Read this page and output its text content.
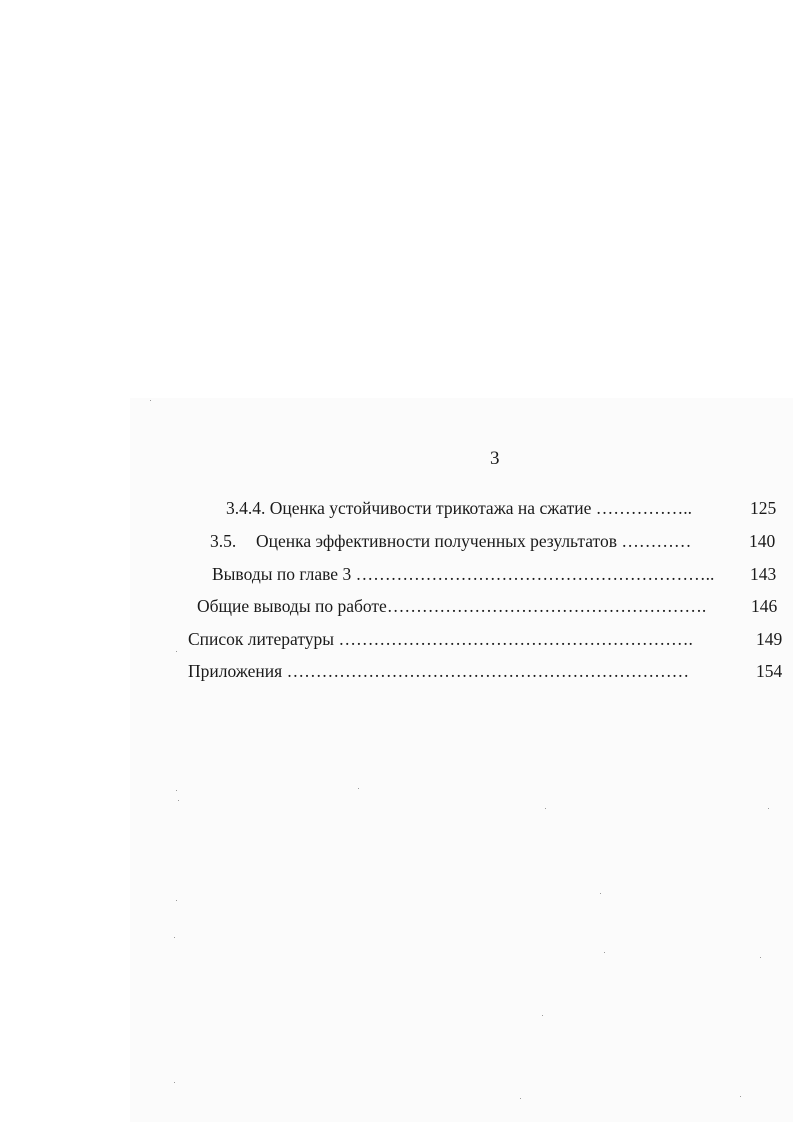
3
3.4.4. Оценка устойчивости трикотажа на сжатие ……………..	125
3.5. Оценка эффективности полученных результатов …………	140
Выводы по главе 3 …………………………………………………….. 143
Общие выводы по работе……………………………………………….	146
Список литературы …………………………………………………….	149
Приложения ……………………………………………………………	154
